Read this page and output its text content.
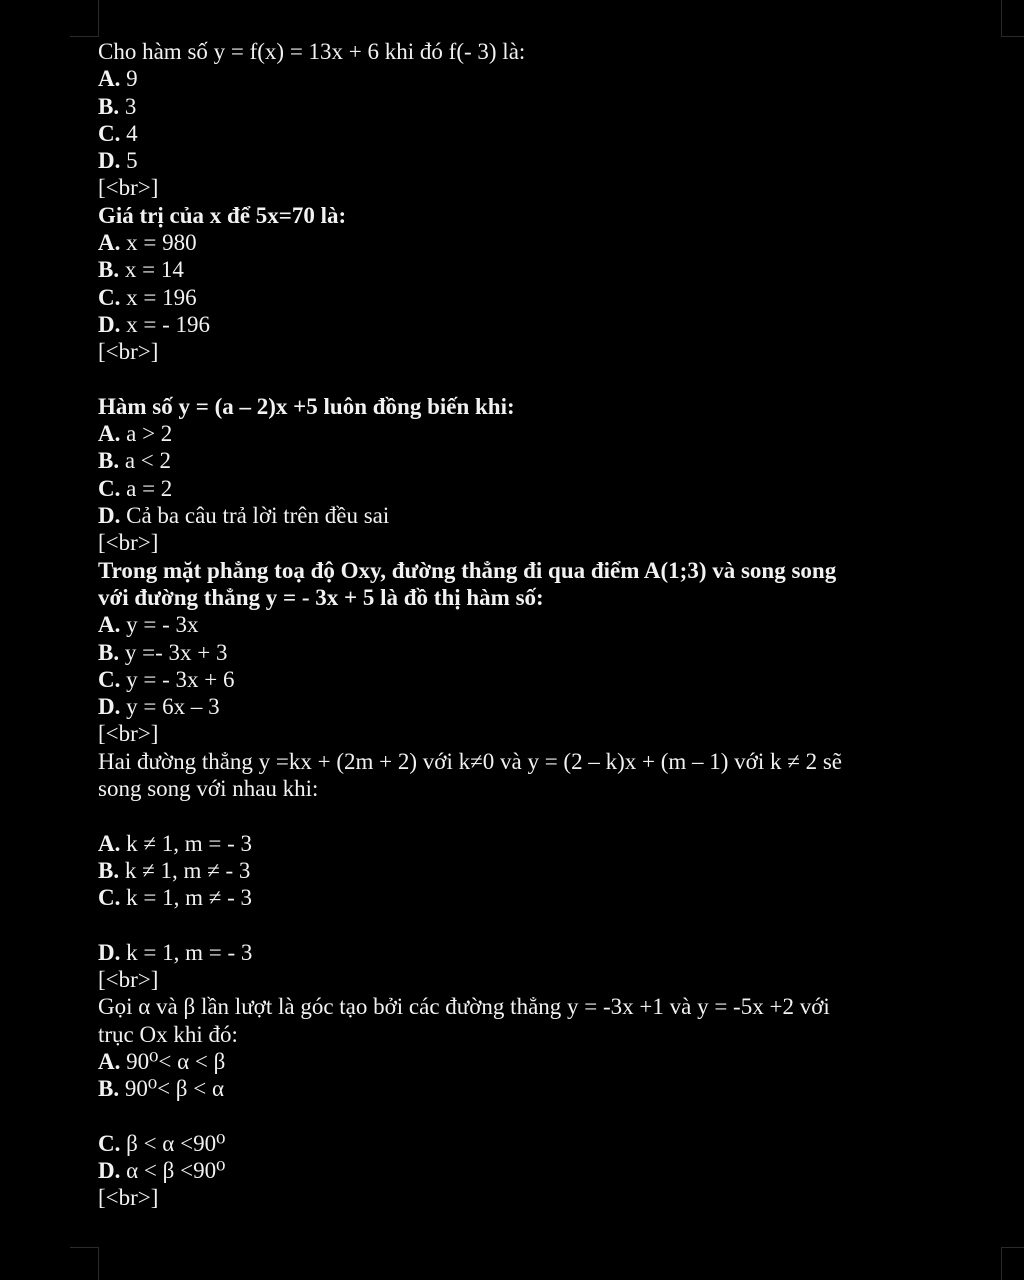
Cho hàm số y = f(x) = 13x + 6 khi đó f(- 3) là:
A. 9
B. 3
C. 4
D. 5
[<br>]
Giá trị của x để 5x=70 là:
A. x = 980
B. x = 14
C. x = 196
D. x = - 196
[<br>]
Hàm số y = (a – 2)x +5 luôn đồng biến khi:
A. a > 2
B. a < 2
C. a = 2
D. Cả ba câu trả lời trên đều sai
[<br>]
Trong mặt phẳng toạ độ Oxy, đường thẳng đi qua điểm A(1;3) và song song
với đường thẳng y = - 3x + 5 là đồ thị hàm số:
A. y = - 3x
B. y =- 3x + 3
C. y = - 3x + 6
D. y = 6x – 3
[<br>]
Hai đường thẳng y =kx + (2m + 2) với k≠0 và y = (2 – k)x + (m – 1) với k ≠ 2 sẽ
song song với nhau khi:
A. k ≠ 1, m = - 3
B. k ≠ 1, m ≠ - 3
C. k = 1, m ≠ - 3
D. k = 1, m = - 3
[<br>]
Gọi α và β lần lượt là góc tạo bởi các đường thẳng y = -3x +1 và y = -5x +2 với
trục Ox khi đó:
A. 90⁰< α < β
B. 90⁰< β < α
C. β < α <90⁰
D. α < β <90⁰
[<br>]
